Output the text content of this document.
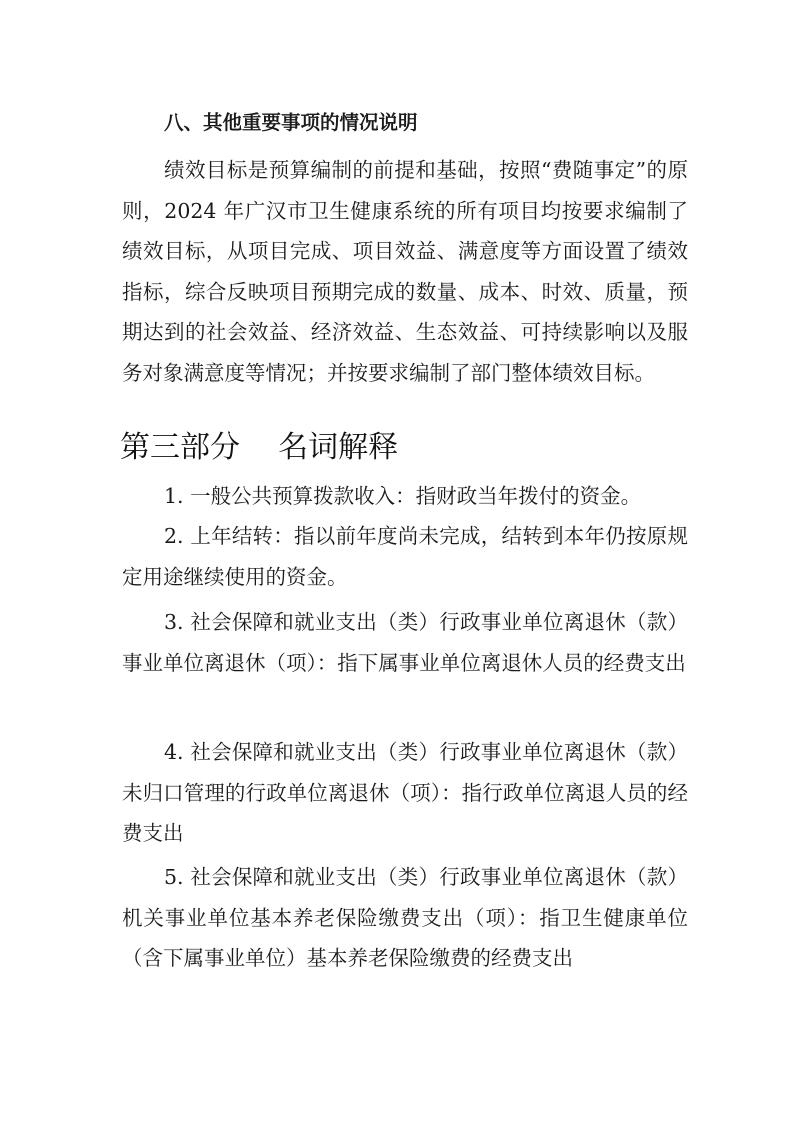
八、其他重要事项的情况说明

绩效目标是预算编制的前提和基础，按照“费随事定”的原则，2024 年广汉市卫生健康系统的所有项目均按要求编制了绩效目标，从项目完成、项目效益、满意度等方面设置了绩效指标，综合反映项目预期完成的数量、成本、时效、质量，预期达到的社会效益、经济效益、生态效益、可持续影响以及服务对象满意度等情况；并按要求编制了部门整体绩效目标。

第三部分    名词解释

1. 一般公共预算拨款收入：指财政当年拨付的资金。

2. 上年结转：指以前年度尚未完成，结转到本年仍按原规定用途继续使用的资金。

3. 社会保障和就业支出（类）行政事业单位离退休（款）事业单位离退休（项）：指下属事业单位离退休人员的经费支出

4. 社会保障和就业支出（类）行政事业单位离退休（款）未归口管理的行政单位离退休（项）：指行政单位离退人员的经费支出

5. 社会保障和就业支出（类）行政事业单位离退休（款）机关事业单位基本养老保险缴费支出（项）：指卫生健康单位（含下属事业单位）基本养老保险缴费的经费支出
